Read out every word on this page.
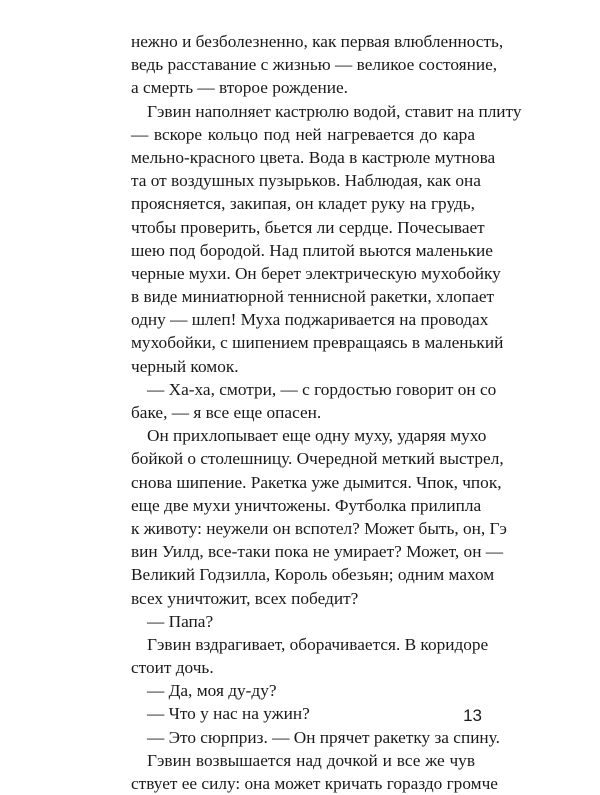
нежно и безболезненно, как первая влюбленность,
ведь расставание с жизнью — великое состояние,
а смерть — второе рождение.
Гэвин наполняет кастрюлю водой, ставит на плиту
— вскоре кольцо под ней нагревается до кара
мельно-красного цвета. Вода в кастрюле мутнова
та от воздушных пузырьков. Наблюдая, как она
проясняется, закипая, он кладет руку на грудь,
чтобы проверить, бьется ли сердце. Почесывает
шею под бородой. Над плитой вьются маленькие
черные мухи. Он берет электрическую мухобойку
в виде миниатюрной теннисной ракетки, хлопает
одну — шлеп! Муха поджаривается на проводах
мухобойки, с шипением превращаясь в маленький
черный комок.
— Ха-ха, смотри, — с гордостью говорит он со
баке, — я все еще опасен.
Он прихлопывает еще одну муху, ударяя мухо
бойкой о столешницу. Очередной меткий выстрел,
снова шипение. Ракетка уже дымится. Чпок, чпок,
еще две мухи уничтожены. Футболка прилипла
к животу: неужели он вспотел? Может быть, он, Гэ
вин Уилд, все-таки пока не умирает? Может, он —
Великий Годзилла, Король обезьян; одним махом
всех уничтожит, всех победит?
— Папа?
Гэвин вздрагивает, оборачивается. В коридоре
стоит дочь.
— Да, моя ду-ду?
— Что у нас на ужин?
— Это сюрприз. — Он прячет ракетку за спину.
Гэвин возвышается над дочкой и все же чув
ствует ее силу: она может кричать гораздо громче
13
